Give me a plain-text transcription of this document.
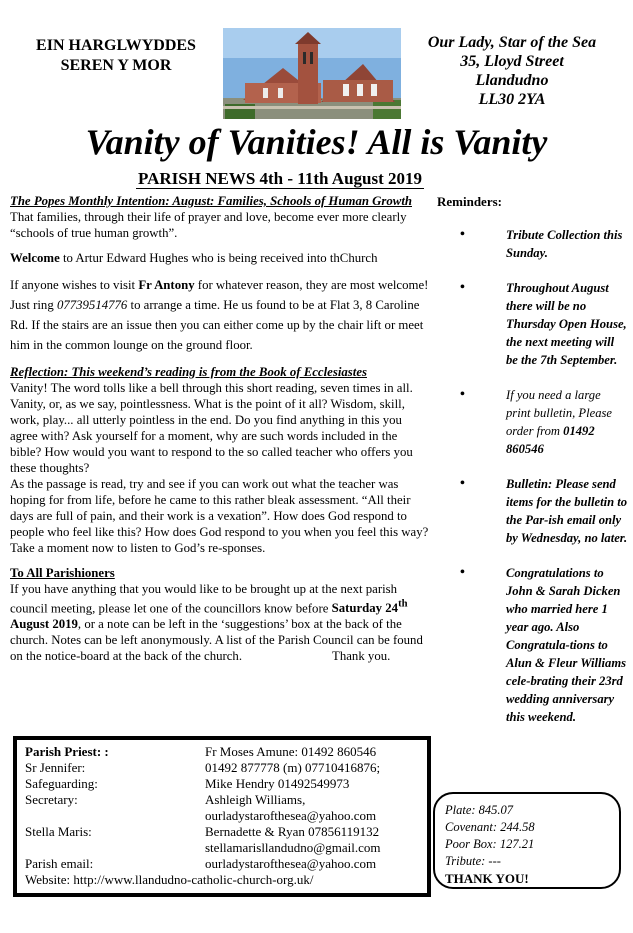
EIN HARGLWYDDES
SEREN Y MOR
Our Lady, Star of the Sea
35, Lloyd Street
Llandudno
LL30 2YA
Vanity of Vanities! All is Vanity
PARISH NEWS 4th - 11th August 2019

The Popes Monthly Intention: August: Families, Schools of Human Growth That families, through their life of prayer and love, become ever more clearly “schools of true human growth”.

Welcome to Artur Edward Hughes who is being received into thChurch

If anyone wishes to visit Fr Antony for whatever reason, they are most welcome! Just ring 07739514776 to arrange a time. He us found to be at Flat 3, 8 Caroline Rd. If the stairs are an issue then you can either come up by the chair lift or meet him in the common lounge on the ground floor.

Reflection: This weekend’s reading is from the Book of Ecclesiastes

Vanity! The word tolls like a bell through this short reading, seven times in all. Vanity, or, as we say, pointlessness. What is the point of it all? Wisdom, skill, work, play... all utterly pointless in the end. Do you find anything in this you agree with? Ask yourself for a moment, why are such words included in the bible? How would you want to respond to the so called teacher who offers you these thoughts?

As the passage is read, try and see if you can work out what the teacher was hoping for from life, before he came to this rather bleak assessment. “All their days are full of pain, and their work is a vexation”. How does God respond to people who feel like this? How does God respond to you when you feel this way? Take a moment now to listen to God’s re-sponses.

To All Parishioners

If you have anything that you would like to be brought up at the next parish council meeting, please let one of the councillors know before Saturday 24th August 2019, or a note can be left in the ‘suggestions’ box at the back of the church. Notes can be left anonymously. A list of the Parish Council can be found on the notice-board at the back of the church.	Thank you.

Reminders:

•	Tribute Collection this Sunday.

•	Throughout August there will be no Thursday Open House, the next meeting will be the 7th September.

•	If you need a large print bulletin, Please order from 01492 860546

•	Bulletin: Please send items for the bulletin to the Par-ish email only by Wednesday, no later.

•	Congratulations to John & Sarah Dicken who married here 1 year ago. Also Congratula-tions to Alun & Fleur Williams cele-brating their 23rd wedding anniversary this weekend.

Parish Priest: :	Fr Moses Amune: 01492 860546
Sr Jennifer:	01492 877778 (m) 07710416876;
Safeguarding:	Mike Hendry 01492549973
Secretary:	Ashleigh Williams,
ourladystarofthesea@yahoo.com
Stella Maris:	Bernadette & Ryan 07856119132
stellamarisllandudno@gmail.com
Parish email:	ourladystarofthesea@yahoo.com
Website: http://www.llandudno-catholic-church-org.uk/
Plate: 845.07
Covenant: 244.58
Poor Box: 127.21
Tribute: ---
THANK YOU!
